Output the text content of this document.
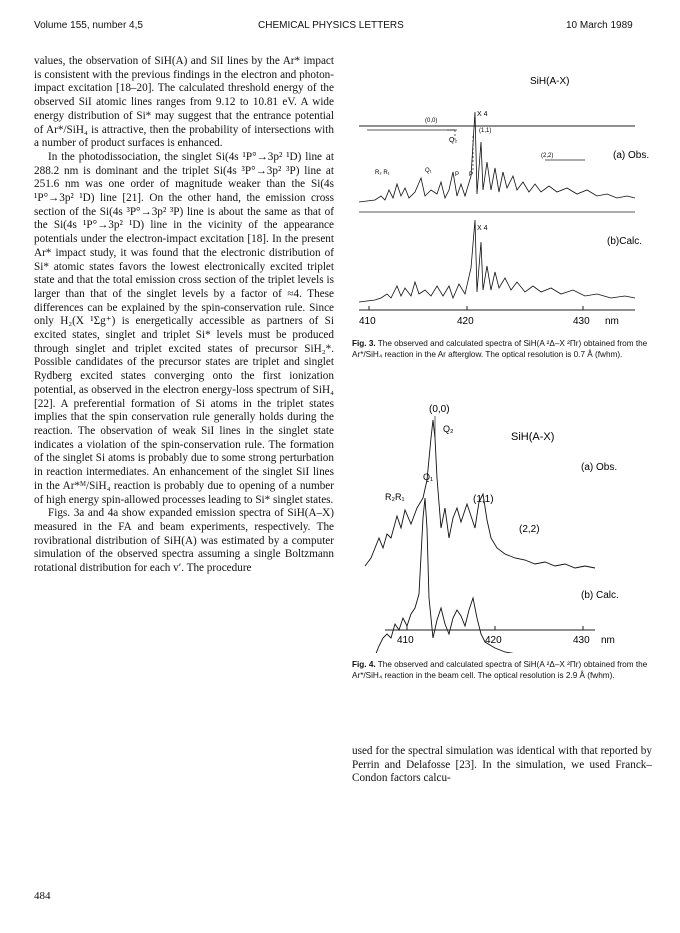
Volume 155, number 4,5	CHEMICAL PHYSICS LETTERS	10 March 1989

values, the observation of SiH(A) and SiI lines by the Ar* impact is consistent with the previous findings in the electron and photon-impact excitation [18–20]. The calculated threshold energy of the observed SiI atomic lines ranges from 9.12 to 10.81 eV. A wide energy distribution of Si* may suggest that the entrance potential of Ar*/SiH₄ is attractive, then the probability of intersections with a number of product surfaces is enhanced.

In the photodissociation, the singlet Si(4s ¹P°→3p² ¹D) line at 288.2 nm is dominant and the triplet Si(4s ³P°→3p² ³P) line at 251.6 nm was one order of magnitude weaker than the Si(4s ¹P°→3p² ¹D) line [21]. On the other hand, the emission cross section of the Si(4s ³P°→3p² ³P) line is about the same as that of the Si(4s ¹P°→3p² ¹D) line in the vicinity of the appearance potentials under the electron-impact excitation [18]. In the present Ar* impact study, it was found that the electronic distribution of Si* atomic states favors the lowest electronically excited triplet state and that the total emission cross section of the triplet levels is larger than that of the singlet levels by a factor of ≈4. These differences can be explained by the spin-conservation rule. Since only H₂(X ¹Σg⁺) is energetically accessible as partners of Si excited states, singlet and triplet Si* levels must be produced through singlet and triplet excited states of precursor SiH₂*. Possible candidates of the precursor states are triplet and singlet Rydberg excited states converging onto the first ionization potential, as observed in the electron energy-loss spectrum of SiH₄ [22]. A preferential formation of Si atoms in the triplet states implies that the spin conservation rule generally holds during the reaction. The observation of weak SiI lines in the singlet state indicates a violation of the spin-conservation rule. The formation of the singlet Si atoms is probably due to some strong perturbation in reaction intermediates. An enhancement of the singlet SiI lines in the Ar*ᴹ/SiH₄ reaction is probably due to opening of a number of high energy spin-allowed processes leading to Si* singlet states.

Figs. 3a and 4a show expanded emission spectra of SiH(A–X) measured in the FA and beam experiments, respectively. The rovibrational distribution of SiH(A) was estimated by a computer simulation of the observed spectra assuming a single Boltzmann rotational distribution for each v′. The procedure

SiH(A-X)
X 4
(0,0)
(1,1)
(2,2)
Q₂
R₂ R₁	Q₁
P P
(a) Obs.
X 4
(b)Calc.
410	420	430 nm
Fig. 3. The observed and calculated spectra of SiH(A ²Δ–X ²Πr) obtained from the Ar*/SiH₄ reaction in the Ar afterglow. The optical resolution is 0.7 Å (fwhm).
(0,0)
Q₂
SiH(A-X)
(a) Obs.
Q₁
R₂R₁	(1,1)
(2,2)
(b) Calc.
410	420	430 nm
Fig. 4. The observed and calculated spectra of SiH(A ²Δ–X ²Πr) obtained from the Ar*/SiH₄ reaction in the beam cell. The optical resolution is 2.9 Å (fwhm).
used for the spectral simulation was identical with that reported by Perrin and Delafosse [23]. In the simulation, we used Franck–Condon factors calcu-
484
